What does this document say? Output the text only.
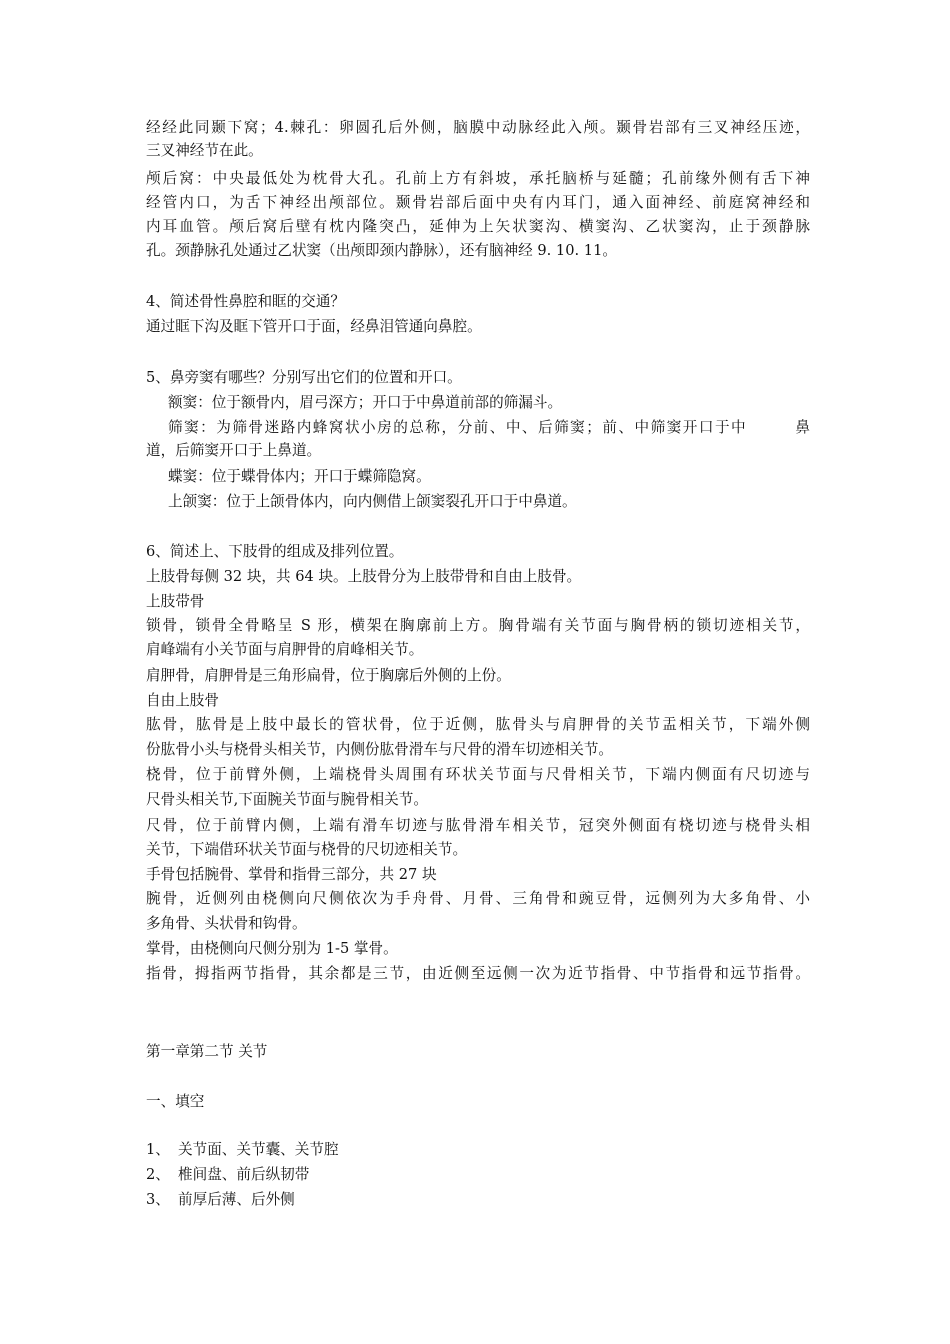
经经此同颞下窝；4.棘孔：卵圆孔后外侧，脑膜中动脉经此入颅。颞骨岩部有三叉神经压迹，
三叉神经节在此。
颅后窝：中央最低处为枕骨大孔。孔前上方有斜坡，承托脑桥与延髓；孔前缘外侧有舌下神
经管内口，为舌下神经出颅部位。颞骨岩部后面中央有内耳门，通入面神经、前庭窝神经和
内耳血管。颅后窝后壁有枕内隆突凸，延伸为上矢状窦沟、横窦沟、乙状窦沟，止于颈静脉
孔。颈静脉孔处通过乙状窦（出颅即颈内静脉），还有脑神经 9. 10. 11。
4、简述骨性鼻腔和眶的交通？
通过眶下沟及眶下管开口于面，经鼻泪管通向鼻腔。
5、鼻旁窦有哪些？分别写出它们的位置和开口。
额窦：位于额骨内，眉弓深方；开口于中鼻道前部的筛漏斗。
筛窦：为筛骨迷路内蜂窝状小房的总称，分前、中、后筛窦；前、中筛窦开口于中　　　鼻
道，后筛窦开口于上鼻道。
蝶窦：位于蝶骨体内；开口于蝶筛隐窝。
上颌窦：位于上颌骨体内，向内侧借上颌窦裂孔开口于中鼻道。
6、简述上、下肢骨的组成及排列位置。
上肢骨每侧 32 块，共 64 块。上肢骨分为上肢带骨和自由上肢骨。
上肢带骨
锁骨，锁骨全骨略呈 S 形，横架在胸廓前上方。胸骨端有关节面与胸骨柄的锁切迹相关节，
肩峰端有小关节面与肩胛骨的肩峰相关节。
肩胛骨，肩胛骨是三角形扁骨，位于胸廓后外侧的上份。
自由上肢骨
肱骨，肱骨是上肢中最长的管状骨，位于近侧，肱骨头与肩胛骨的关节盂相关节，下端外侧
份肱骨小头与桡骨头相关节，内侧份肱骨滑车与尺骨的滑车切迹相关节。
桡骨，位于前臂外侧，上端桡骨头周围有环状关节面与尺骨相关节，下端内侧面有尺切迹与
尺骨头相关节,下面腕关节面与腕骨相关节。
尺骨，位于前臂内侧，上端有滑车切迹与肱骨滑车相关节，冠突外侧面有桡切迹与桡骨头相
关节，下端借环状关节面与桡骨的尺切迹相关节。
手骨包括腕骨、掌骨和指骨三部分，共 27 块
腕骨，近侧列由桡侧向尺侧依次为手舟骨、月骨、三角骨和豌豆骨，远侧列为大多角骨、小
多角骨、头状骨和钩骨。
掌骨，由桡侧向尺侧分别为 1-5 掌骨。
指骨，拇指两节指骨，其余都是三节，由近侧至远侧一次为近节指骨、中节指骨和远节指骨。
第一章第二节 关节
一、填空
1、 关节面、关节囊、关节腔
2、 椎间盘、前后纵韧带
3、 前厚后薄、后外侧
